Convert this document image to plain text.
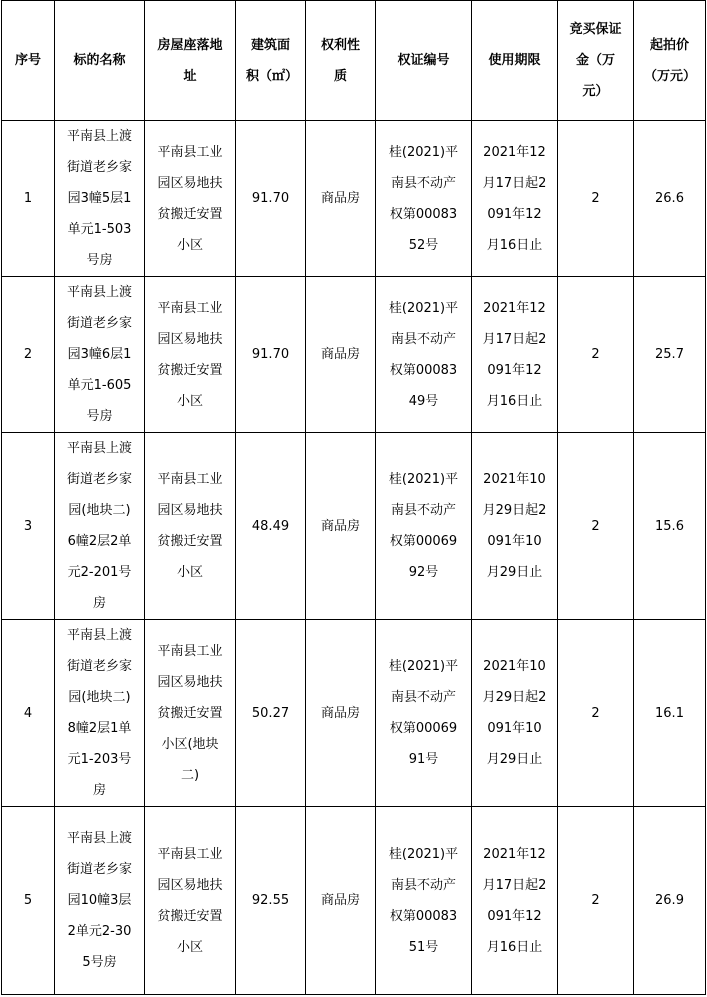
序号	标的名称	房屋座落地址	建筑面积（㎡）	权利性质	权证编号	使用期限	竞买保证金（万元）	起拍价（万元）
1	平南县上渡街道老乡家园3幢5层1单元1-503号房	平南县工业园区易地扶贫搬迁安置小区	91.70	商品房	桂(2021)平南县不动产权第0008352号	2021年12月17日起2091年12月16日止	2	26.6
2	平南县上渡街道老乡家园3幢6层1单元1-605号房	平南县工业园区易地扶贫搬迁安置小区	91.70	商品房	桂(2021)平南县不动产权第0008349号	2021年12月17日起2091年12月16日止	2	25.7
3	平南县上渡街道老乡家园(地块二)6幢2层2单元2-201号房	平南县工业园区易地扶贫搬迁安置小区	48.49	商品房	桂(2021)平南县不动产权第0006992号	2021年10月29日起2091年10月29日止	2	15.6
4	平南县上渡街道老乡家园(地块二)8幢2层1单元1-203号房	平南县工业园区易地扶贫搬迁安置小区(地块二)	50.27	商品房	桂(2021)平南县不动产权第0006991号	2021年10月29日起2091年10月29日止	2	16.1
5	平南县上渡街道老乡家园10幢3层2单元2-305号房	平南县工业园区易地扶贫搬迁安置小区	92.55	商品房	桂(2021)平南县不动产权第0008351号	2021年12月17日起2091年12月16日止	2	26.9
